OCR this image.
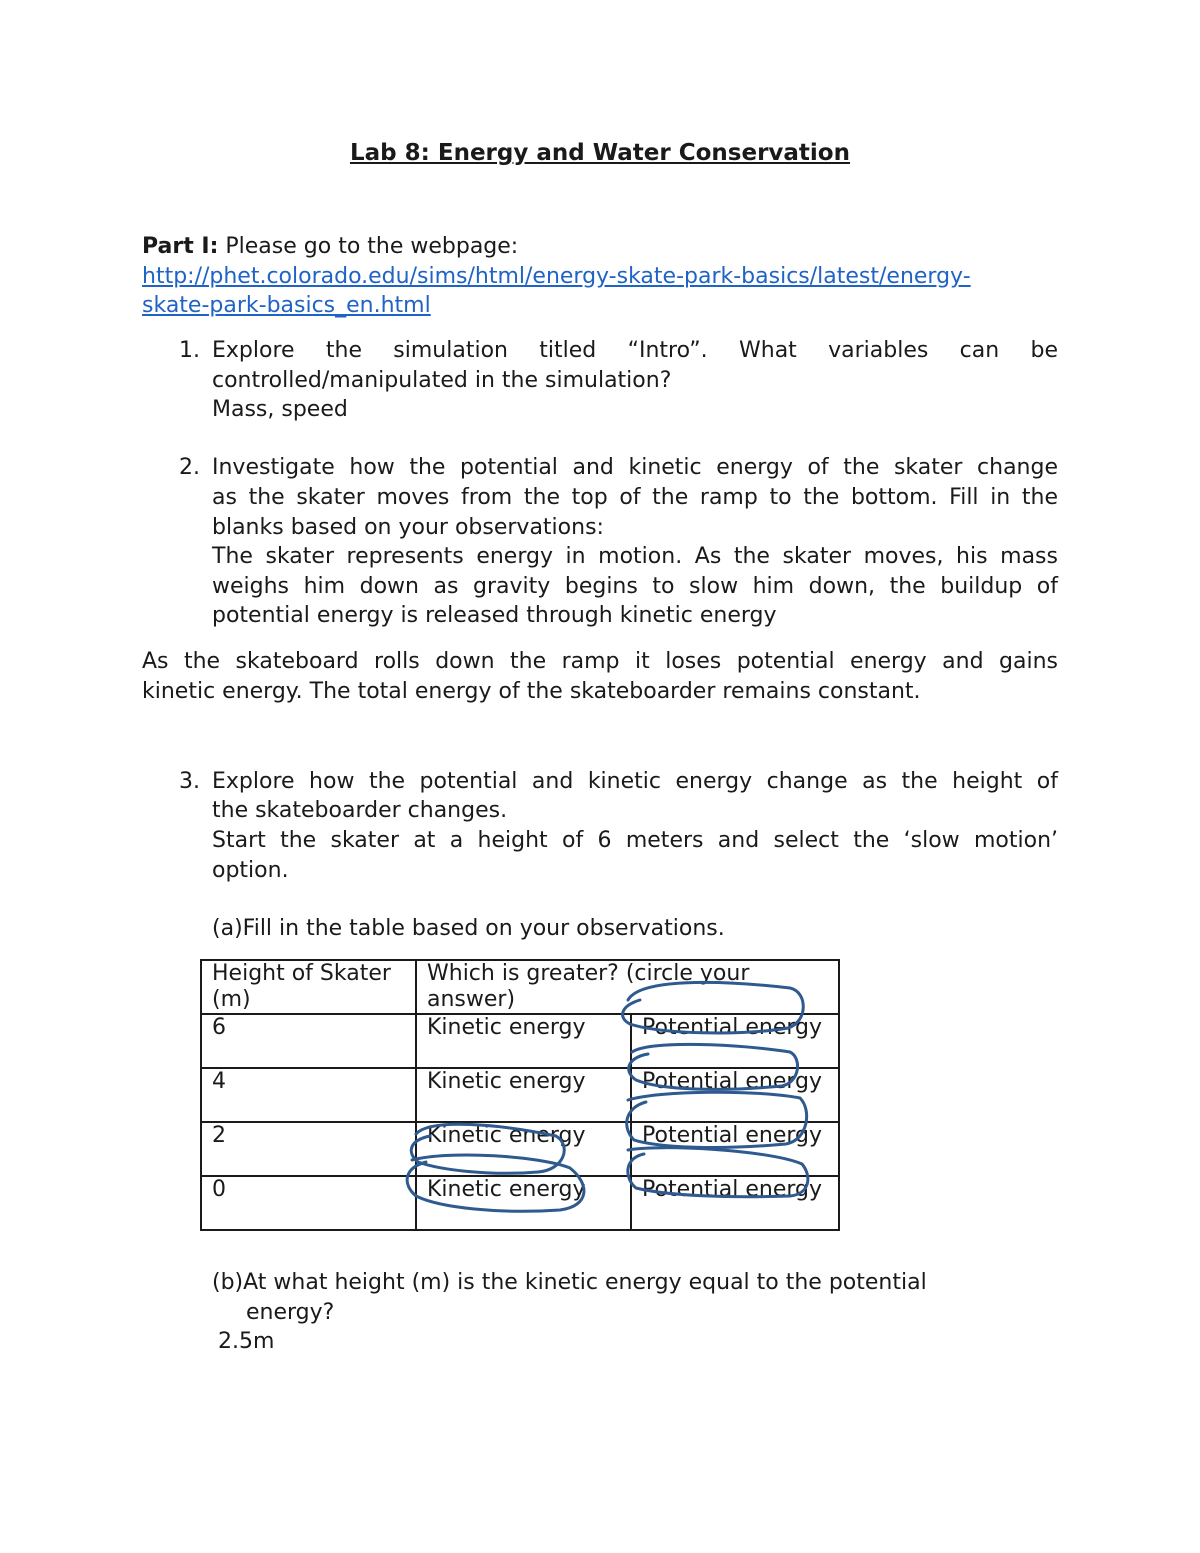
Lab 8: Energy and Water Conservation
Part I: Please go to the webpage:
http://phet.colorado.edu/sims/html/energy-skate-park-basics/latest/energy-
skate-park-basics_en.html
1. Explore the simulation titled “Intro”. What variables can be
controlled/manipulated in the simulation?
Mass, speed
2. Investigate how the potential and kinetic energy of the skater change
as the skater moves from the top of the ramp to the bottom. Fill in the
blanks based on your observations:
The skater represents energy in motion. As the skater moves, his mass
weighs him down as gravity begins to slow him down, the buildup of
potential energy is released through kinetic energy
As the skateboard rolls down the ramp it loses potential energy and gains
kinetic energy. The total energy of the skateboarder remains constant.
3. Explore how the potential and kinetic energy change as the height of
the skateboarder changes.
Start the skater at a height of 6 meters and select the ‘slow motion’
option.
(a)Fill in the table based on your observations.
Height of Skater (m)	Which is greater? (circle your answer)	
6	Kinetic energy	Potential energy
4	Kinetic energy	Potential energy
2	Kinetic energy	Potential energy
0	Kinetic energy	Potential energy
(b)At what height (m) is the kinetic energy equal to the potential
energy?
2.5m
